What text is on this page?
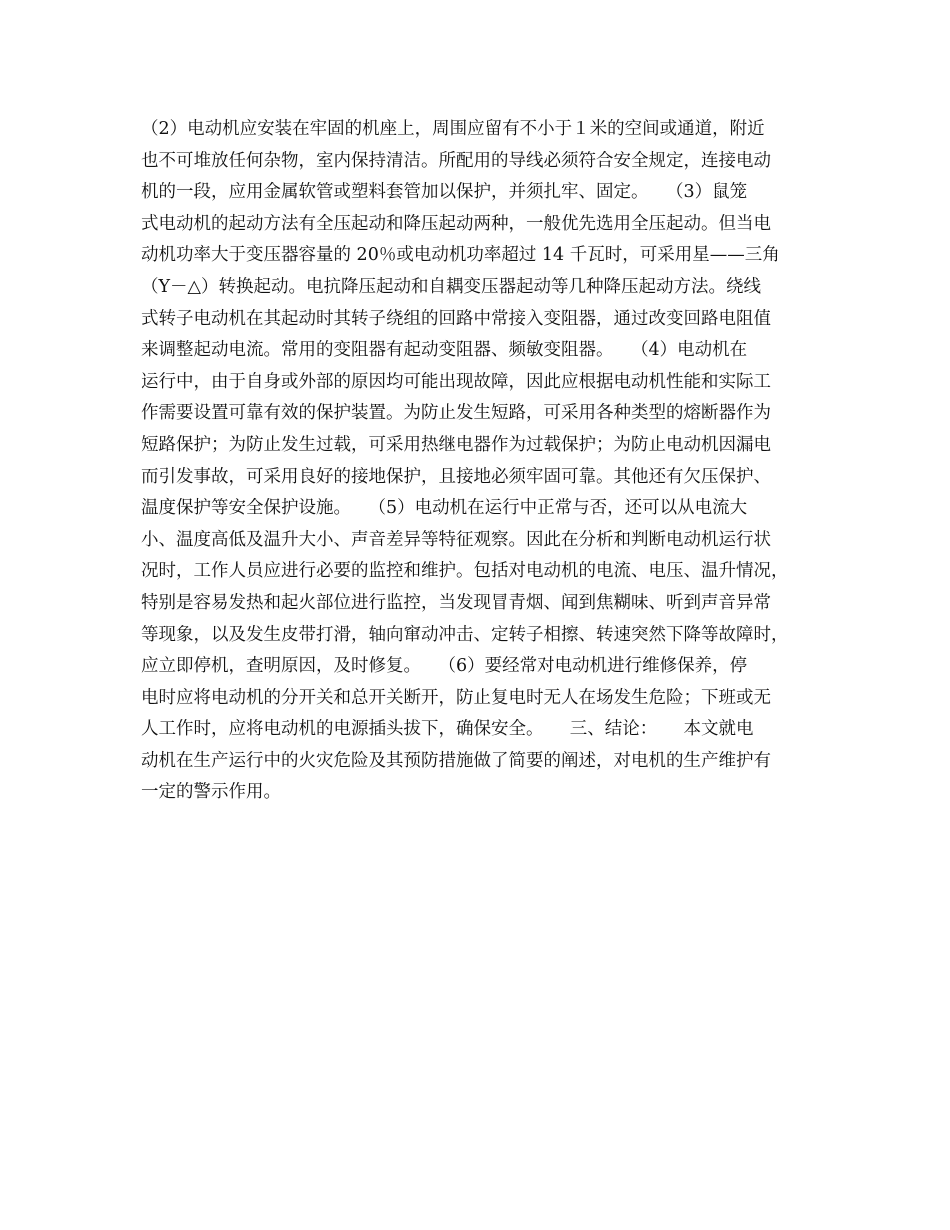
（2）电动机应安装在牢固的机座上，周围应留有不小于１米的空间或通道，附近
也不可堆放任何杂物，室内保持清洁。所配用的导线必须符合安全规定，连接电动
机的一段，应用金属软管或塑料套管加以保护，并须扎牢、固定。　　（3）鼠笼
式电动机的起动方法有全压起动和降压起动两种，一般优先选用全压起动。但当电
动机功率大于变压器容量的 20％或电动机功率超过 14 千瓦时，可采用星——三角
（Y－△）转换起动。电抗降压起动和自耦变压器起动等几种降压起动方法。绕线
式转子电动机在其起动时其转子绕组的回路中常接入变阻器，通过改变回路电阻值
来调整起动电流。常用的变阻器有起动变阻器、频敏变阻器。　　（4）电动机在
运行中，由于自身或外部的原因均可能出现故障，因此应根据电动机性能和实际工
作需要设置可靠有效的保护装置。为防止发生短路，可采用各种类型的熔断器作为
短路保护；为防止发生过载，可采用热继电器作为过载保护；为防止电动机因漏电
而引发事故，可采用良好的接地保护，且接地必须牢固可靠。其他还有欠压保护、
温度保护等安全保护设施。　　（5）电动机在运行中正常与否，还可以从电流大
小、温度高低及温升大小、声音差异等特征观察。因此在分析和判断电动机运行状
况时，工作人员应进行必要的监控和维护。包括对电动机的电流、电压、温升情况，
特别是容易发热和起火部位进行监控，当发现冒青烟、闻到焦糊味、听到声音异常
等现象，以及发生皮带打滑，轴向窜动冲击、定转子相擦、转速突然下降等故障时，
应立即停机，查明原因，及时修复。　　（6）要经常对电动机进行维修保养，停
电时应将电动机的分开关和总开关断开，防止复电时无人在场发生危险；下班或无
人工作时，应将电动机的电源插头拔下，确保安全。　　三、结论：　　本文就电
动机在生产运行中的火灾危险及其预防措施做了简要的阐述，对电机的生产维护有
一定的警示作用。
